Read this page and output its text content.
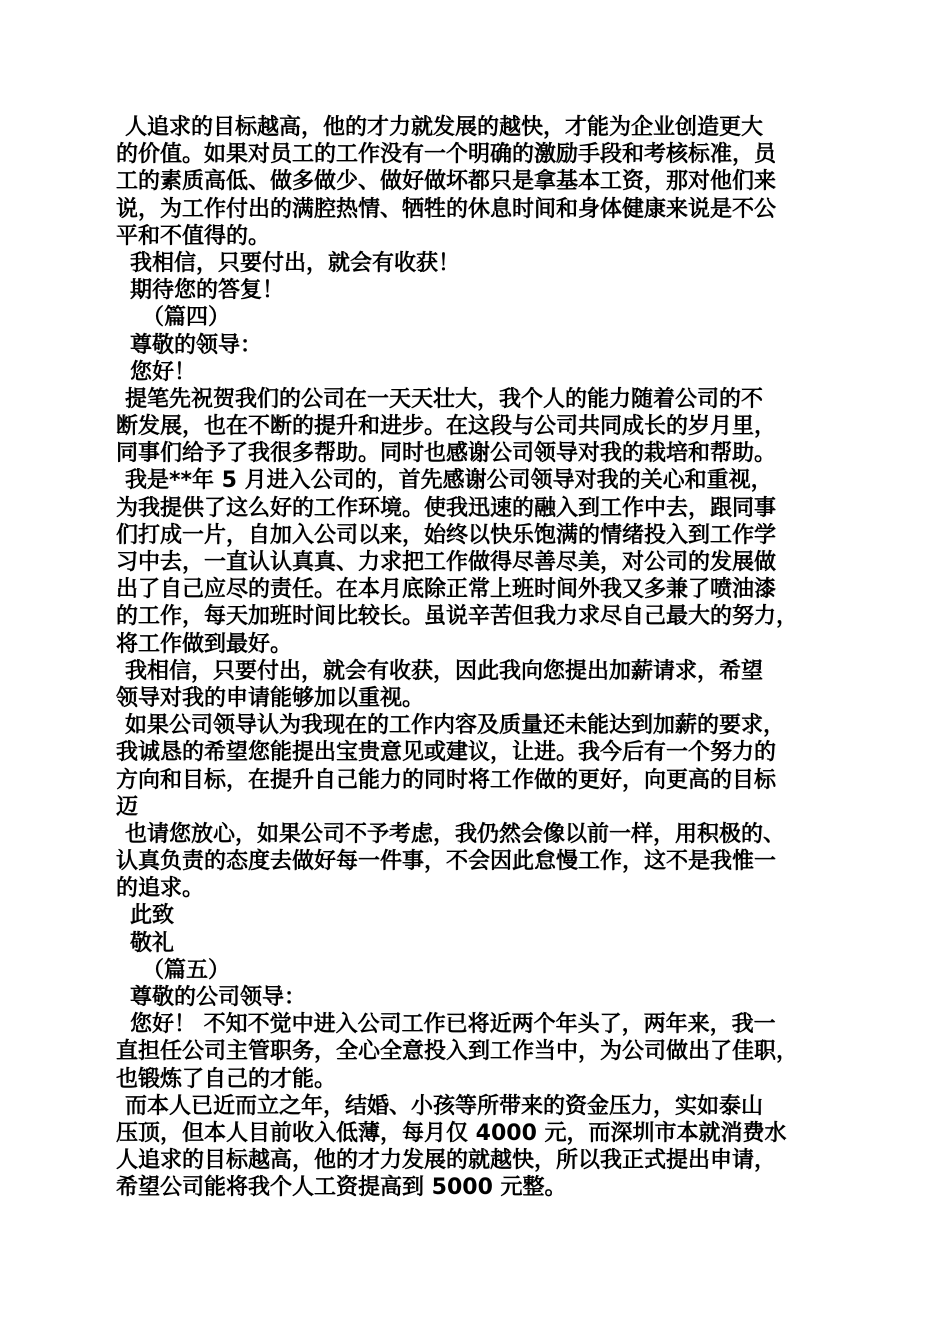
人追求的目标越高，他的才力就发展的越快，才能为企业创造更大
的价值。如果对员工的工作没有一个明确的激励手段和考核标准，员
工的素质高低、做多做少、做好做坏都只是拿基本工资，那对他们来
说，为工作付出的满腔热情、牺牲的休息时间和身体健康来说是不公
平和不值得的。
我相信，只要付出，就会有收获！
期待您的答复！
（篇四）
尊敬的领导：
您好！
提笔先祝贺我们的公司在一天天壮大，我个人的能力随着公司的不
断发展，也在不断的提升和进步。在这段与公司共同成长的岁月里，
同事们给予了我很多帮助。同时也感谢公司领导对我的栽培和帮助。
我是**年 5 月进入公司的，首先感谢公司领导对我的关心和重视，
为我提供了这么好的工作环境。使我迅速的融入到工作中去，跟同事
们打成一片，自加入公司以来，始终以快乐饱满的情绪投入到工作学
习中去，一直认认真真、力求把工作做得尽善尽美，对公司的发展做
出了自己应尽的责任。在本月底除正常上班时间外我又多兼了喷油漆
的工作，每天加班时间比较长。虽说辛苦但我力求尽自己最大的努力，
将工作做到最好。
我相信，只要付出，就会有收获，因此我向您提出加薪请求，希望
领导对我的申请能够加以重视。
如果公司领导认为我现在的工作内容及质量还未能达到加薪的要求，
我诚恳的希望您能提出宝贵意见或建议，让进。我今后有一个努力的
方向和目标，在提升自己能力的同时将工作做的更好，向更高的目标
迈
也请您放心，如果公司不予考虑，我仍然会像以前一样，用积极的、
认真负责的态度去做好每一件事，不会因此怠慢工作，这不是我惟一
的追求。
此致
敬礼
（篇五）
尊敬的公司领导：
您好！ 不知不觉中进入公司工作已将近两个年头了，两年来，我一
直担任公司主管职务，全心全意投入到工作当中，为公司做出了佳职，
也锻炼了自己的才能。
而本人已近而立之年，结婚、小孩等所带来的资金压力，实如泰山
压顶，但本人目前收入低薄，每月仅 4000 元，而深圳市本就消费水
人追求的目标越高，他的才力发展的就越快，所以我正式提出申请，
希望公司能将我个人工资提高到 5000 元整。
